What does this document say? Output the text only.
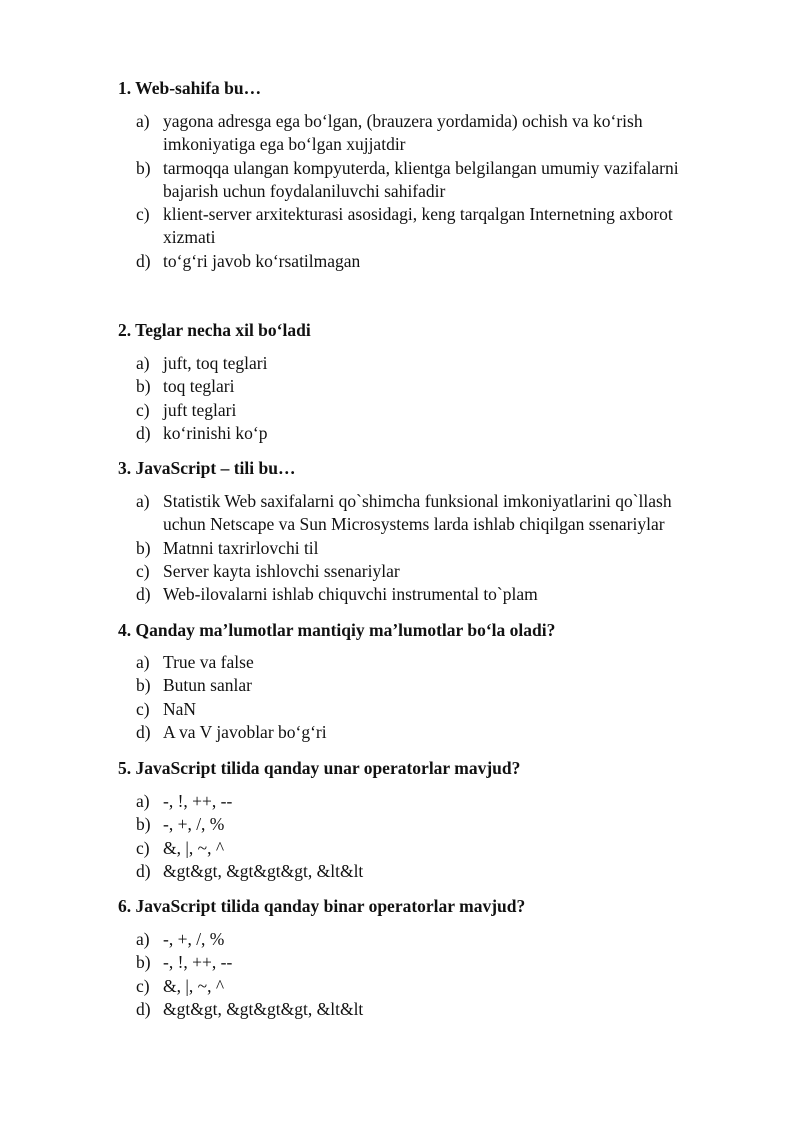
1. Web-sahifa bu…

a) yagona adresga ega bo‘lgan, (brauzera yordamida) ochish va ko‘rish
imkoniyatiga ega bo‘lgan xujjatdir
b) tarmoqqa ulangan kompyuterda, klientga belgilangan umumiy vazifalarni
bajarish uchun foydalaniluvchi sahifadir
c) klient-server arxitekturasi asosidagi, keng tarqalgan Internetning axborot
xizmati
d) to‘g‘ri javob ko‘rsatilmagan

2. Teglar necha xil bo‘ladi

a) juft, toq teglari
b) toq teglari
c) juft teglari
d) ko‘rinishi ko‘p

3. JavaScript – tili bu…

a) Statistik Web saxifalarni qo`shimcha funksional imkoniyatlarini qo`llash
uchun Netscape va Sun Microsystems larda ishlab chiqilgan ssenariylar
b) Matnni taxrirlovchi til
c) Server kayta ishlovchi ssenariylar
d) Web-ilovalarni ishlab chiquvchi instrumental to`plam

4. Qanday ma’lumotlar mantiqiy ma’lumotlar bo‘la oladi?

a) True va false
b) Butun sanlar
c) NaN
d) A va V javoblar bo‘g‘ri

5. JavaScript tilida qanday unar operatorlar mavjud?

a) -, !, ++, --
b) -, +, /, %
c) &, |, ~, ^
d) &gt&gt, &gt&gt&gt, &lt&lt

6. JavaScript tilida qanday binar operatorlar mavjud?

a) -, +, /, %
b) -, !, ++, --
c) &, |, ~, ^
d) &gt&gt, &gt&gt&gt, &lt&lt
